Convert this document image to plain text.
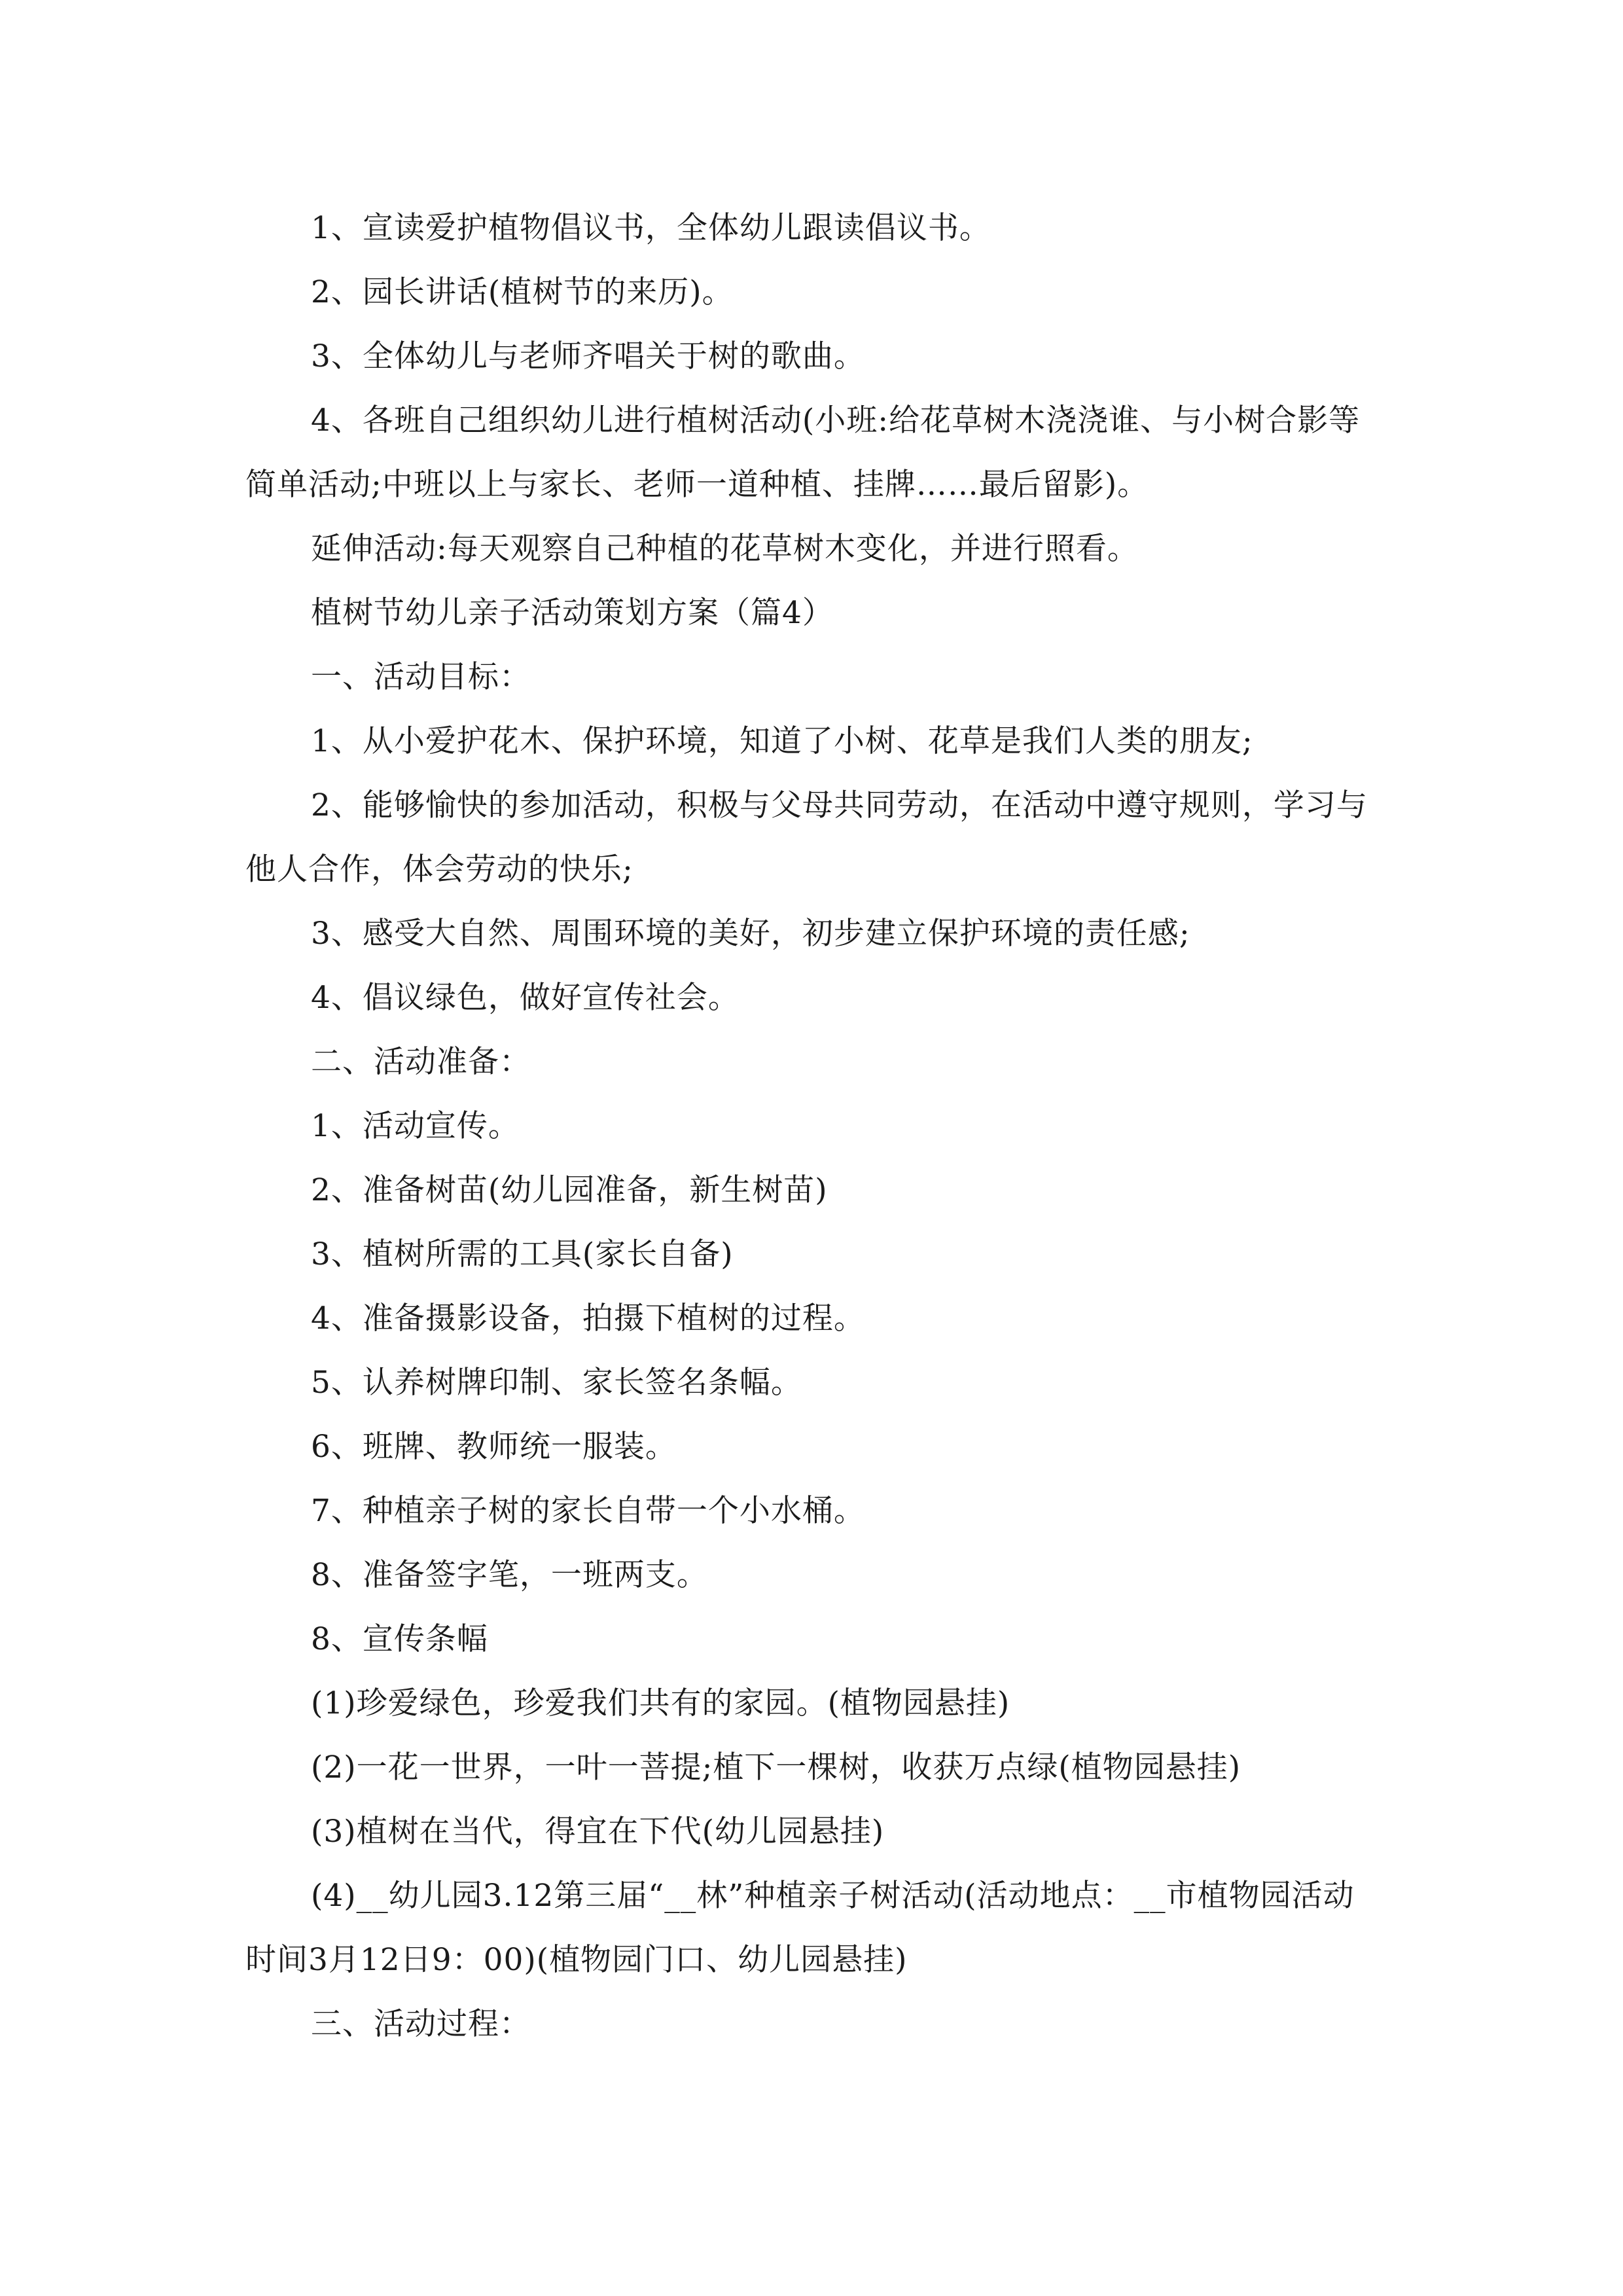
1、宣读爱护植物倡议书，全体幼儿跟读倡议书。

2、园长讲话(植树节的来历)。

3、全体幼儿与老师齐唱关于树的歌曲。

4、各班自己组织幼儿进行植树活动(小班:给花草树木浇浇谁、与小树合影等简单活动;中班以上与家长、老师一道种植、挂牌……最后留影)。

延伸活动:每天观察自己种植的花草树木变化，并进行照看。

植树节幼儿亲子活动策划方案（篇4）

一、活动目标：

1、从小爱护花木、保护环境，知道了小树、花草是我们人类的朋友;

2、能够愉快的参加活动，积极与父母共同劳动，在活动中遵守规则，学习与他人合作，体会劳动的快乐;

3、感受大自然、周围环境的美好，初步建立保护环境的责任感;

4、倡议绿色，做好宣传社会。

二、活动准备：

1、活动宣传。

2、准备树苗(幼儿园准备，新生树苗)

3、植树所需的工具(家长自备)

4、准备摄影设备，拍摄下植树的过程。

5、认养树牌印制、家长签名条幅。

6、班牌、教师统一服装。

7、种植亲子树的家长自带一个小水桶。

8、准备签字笔，一班两支。

8、宣传条幅

(1)珍爱绿色，珍爱我们共有的家园。(植物园悬挂)

(2)一花一世界，一叶一菩提;植下一棵树，收获万点绿(植物园悬挂)

(3)植树在当代，得宜在下代(幼儿园悬挂)

(4)__幼儿园3.12第三届“__林”种植亲子树活动(活动地点：__市植物园活动时间3月12日9：00)(植物园门口、幼儿园悬挂)

三、活动过程：
